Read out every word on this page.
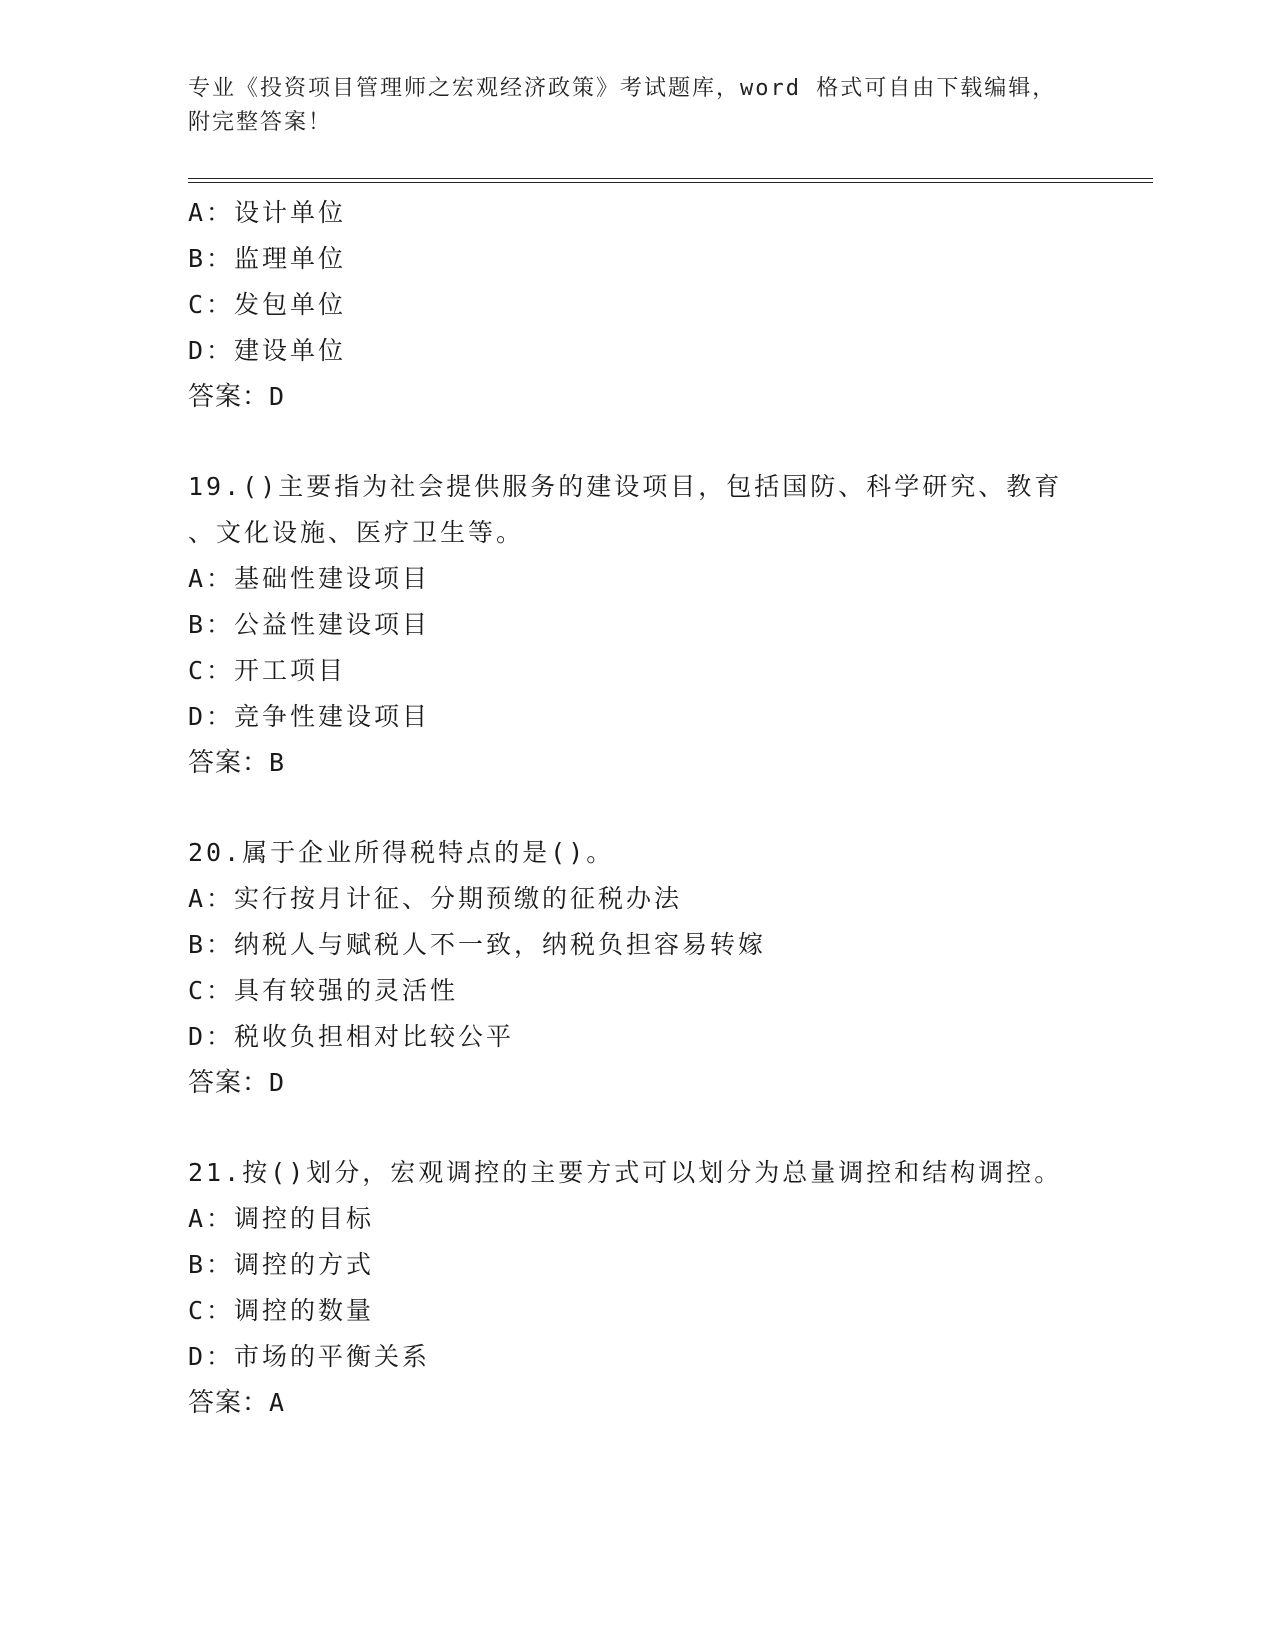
专业《投资项目管理师之宏观经济政策》考试题库，word 格式可自由下载编辑，
附完整答案！
A：设计单位
B：监理单位
C：发包单位
D：建设单位
答案：D
19.()主要指为社会提供服务的建设项目，包括国防、科学研究、教育
、文化设施、医疗卫生等。
A：基础性建设项目
B：公益性建设项目
C：开工项目
D：竞争性建设项目
答案：B
20.属于企业所得税特点的是()。
A：实行按月计征、分期预缴的征税办法
B：纳税人与赋税人不一致，纳税负担容易转嫁
C：具有较强的灵活性
D：税收负担相对比较公平
答案：D
21.按()划分，宏观调控的主要方式可以划分为总量调控和结构调控。
A：调控的目标
B：调控的方式
C：调控的数量
D：市场的平衡关系
答案：A
